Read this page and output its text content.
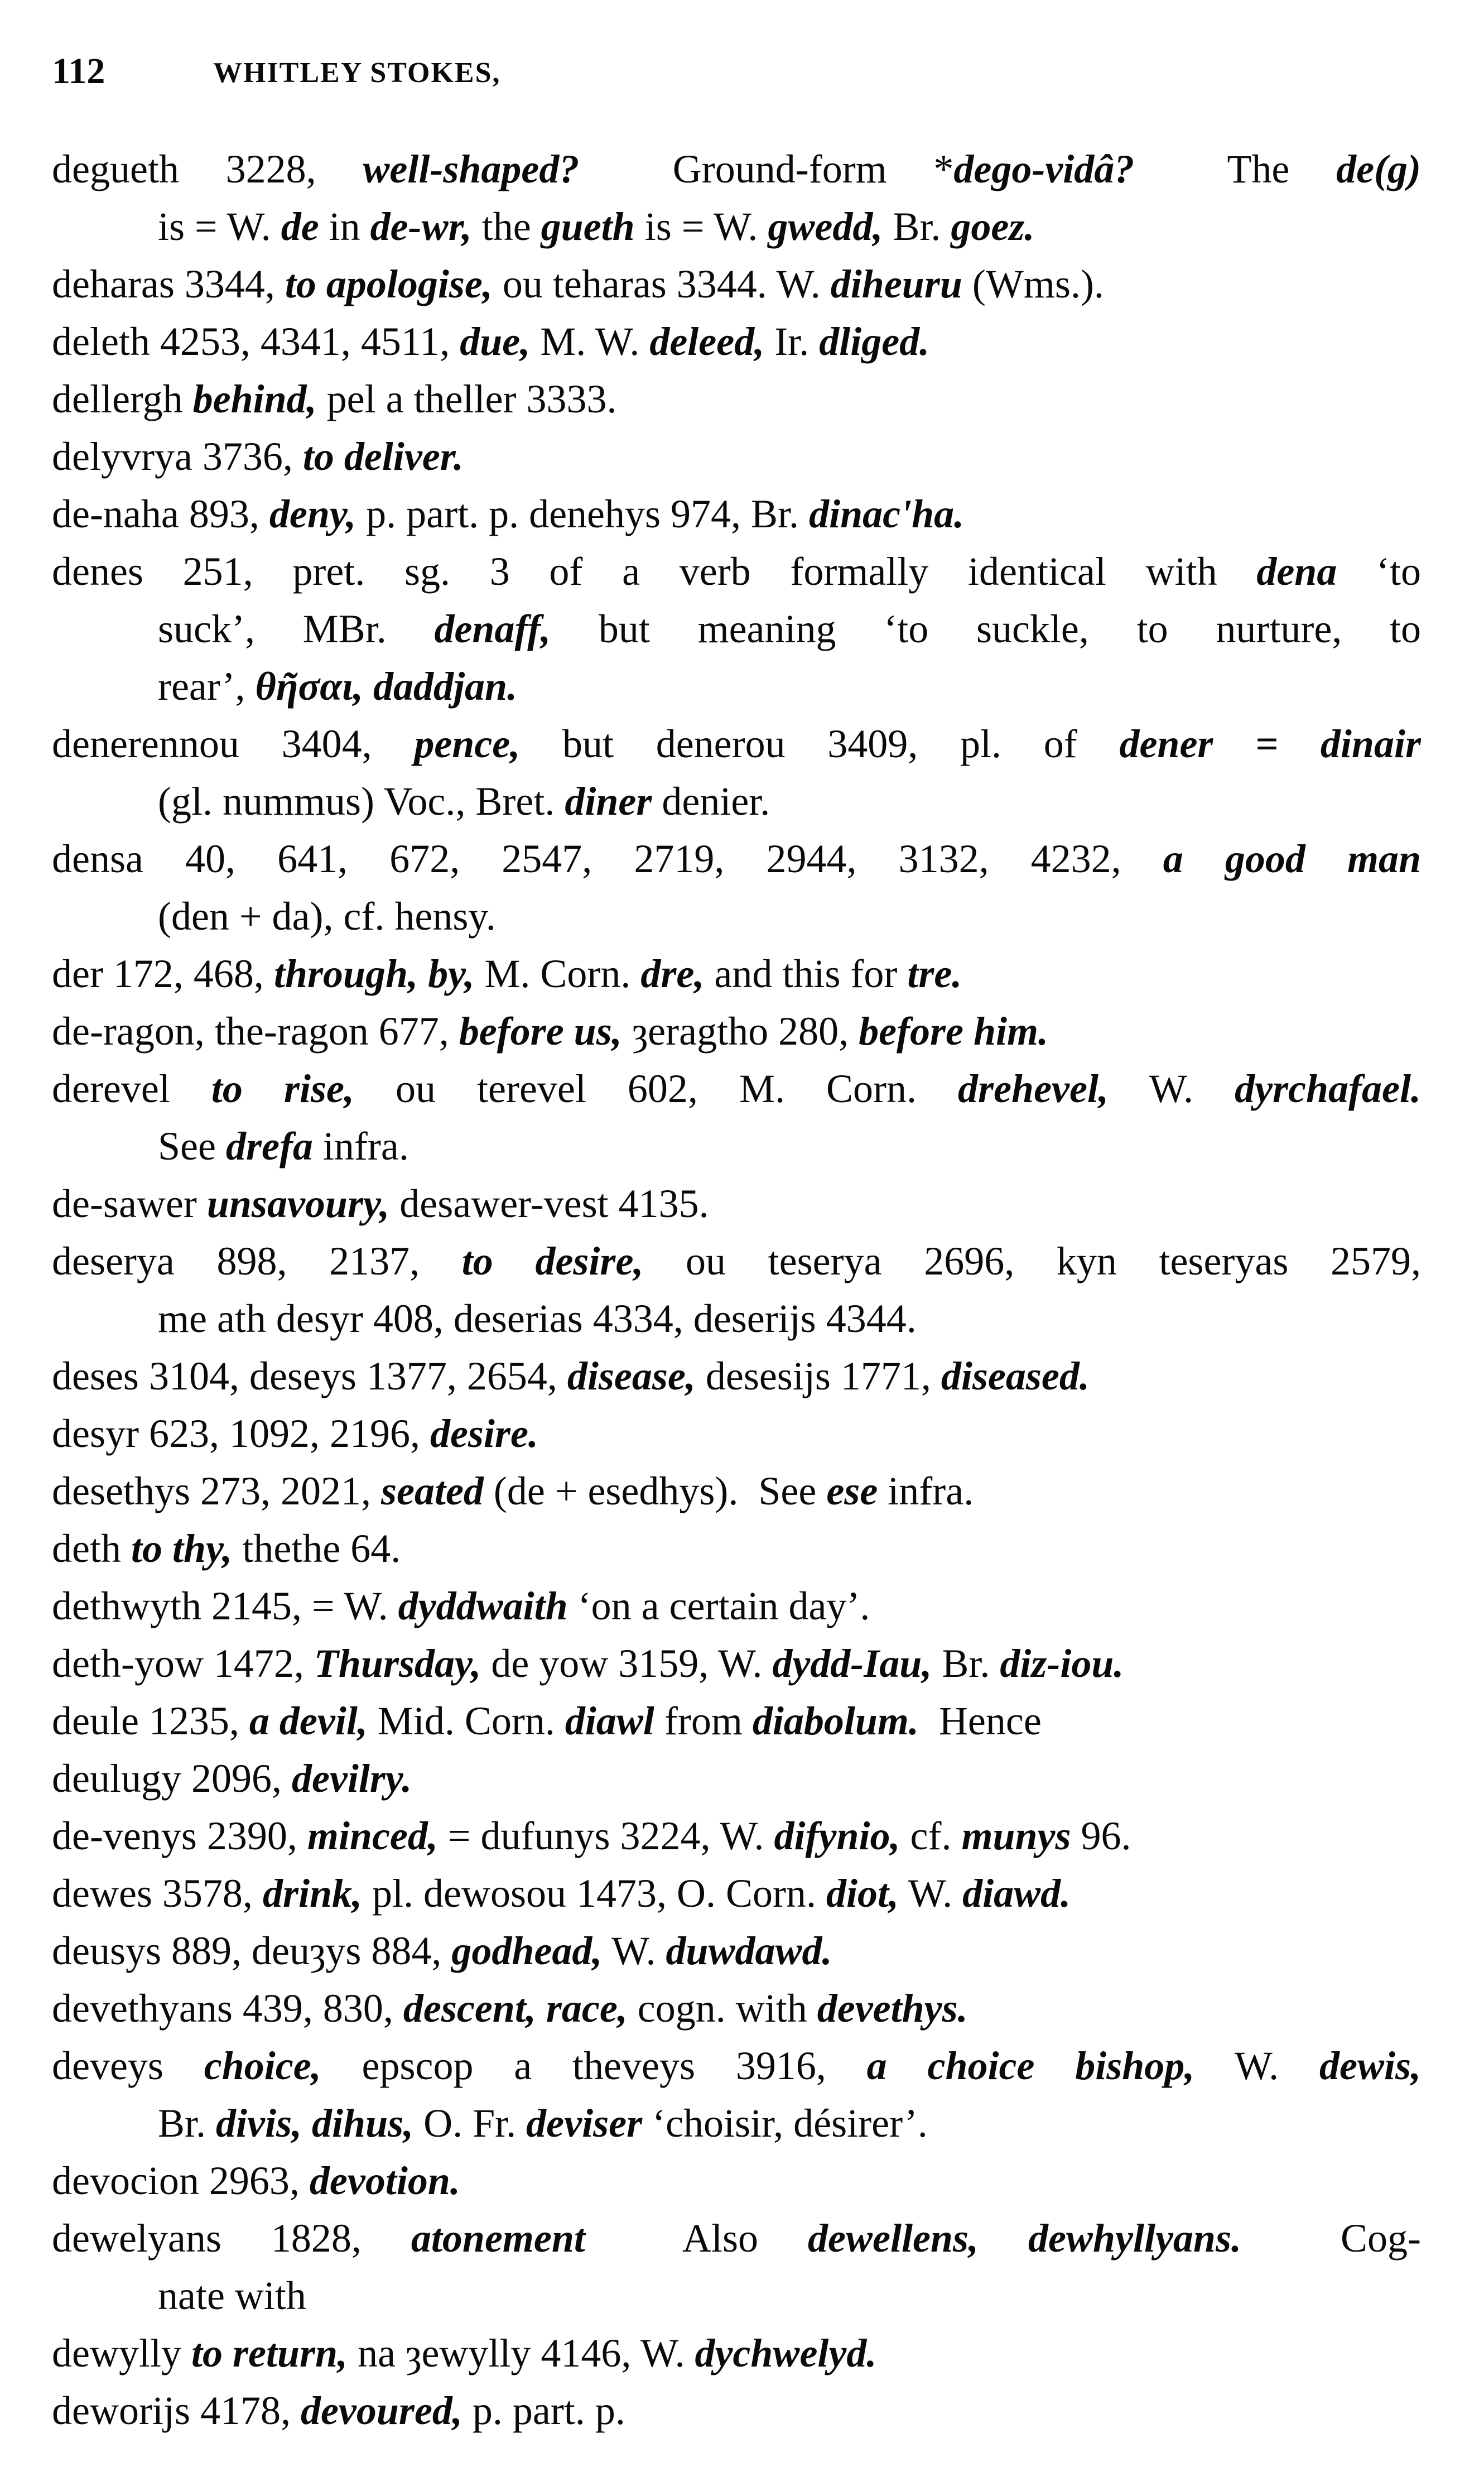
112	WHITLEY STOKES,
degueth 3228, well-shaped?  Ground-form *dego-vidâ?  The de(g)
is = W. de in de-wr, the gueth is = W. gwedd, Br. goez.
deharas 3344, to apologise, ou teharas 3344. W. diheuru (Wms.).
deleth 4253, 4341, 4511, due, M. W. deleed, Ir. dliged.
dellergh behind, pel a theller 3333.
delyvrya 3736, to deliver.
de-naha 893, deny, p. part. p. denehys 974, Br. dinac'ha.
denes 251, pret. sg. 3 of a verb formally identical with dena ‘to
suck’, MBr. denaff, but meaning ‘to suckle, to nurture, to
rear’, θῆσαι, daddjan.
denerennou 3404, pence, but denerou 3409, pl. of dener = dinair
(gl. nummus) Voc., Bret. diner denier.
densa 40, 641, 672, 2547, 2719, 2944, 3132, 4232, a good man
(den + da), cf. hensy.
der 172, 468, through, by, M. Corn. dre, and this for tre.
de-ragon, the-ragon 677, before us, ȝeragtho 280, before him.
derevel to rise, ou terevel 602, M. Corn. drehevel, W. dyrchafael.
See drefa infra.
de-sawer unsavoury, desawer-vest 4135.
deserya 898, 2137, to desire, ou teserya 2696, kyn teseryas 2579,
me ath desyr 408, deserias 4334, deserijs 4344.
deses 3104, deseys 1377, 2654, disease, desesijs 1771, diseased.
desyr 623, 1092, 2196, desire.
desethys 273, 2021, seated (de + esedhys).  See ese infra.
deth to thy, thethe 64.
dethwyth 2145, = W. dyddwaith ‘on a certain day’.
deth-yow 1472, Thursday, de yow 3159, W. dydd-Iau, Br. diz-iou.
deule 1235, a devil, Mid. Corn. diawl from diabolum.  Hence
deulugy 2096, devilry.
de-venys 2390, minced, = dufunys 3224, W. difynio, cf. munys 96.
dewes 3578, drink, pl. dewosou 1473, O. Corn. diot, W. diawd.
deusys 889, deuȝys 884, godhead, W. duwdawd.
devethyans 439, 830, descent, race, cogn. with devethys.
deveys choice, epscop a theveys 3916, a choice bishop, W. dewis,
Br. divis, dihus, O. Fr. deviser ‘choisir, désirer’.
devocion 2963, devotion.
dewelyans 1828, atonement  Also dewellens, dewhyllyans.  Cog-
nate with
dewylly to return, na ȝewylly 4146, W. dychwelyd.
deworijs 4178, devoured, p. part. p.
